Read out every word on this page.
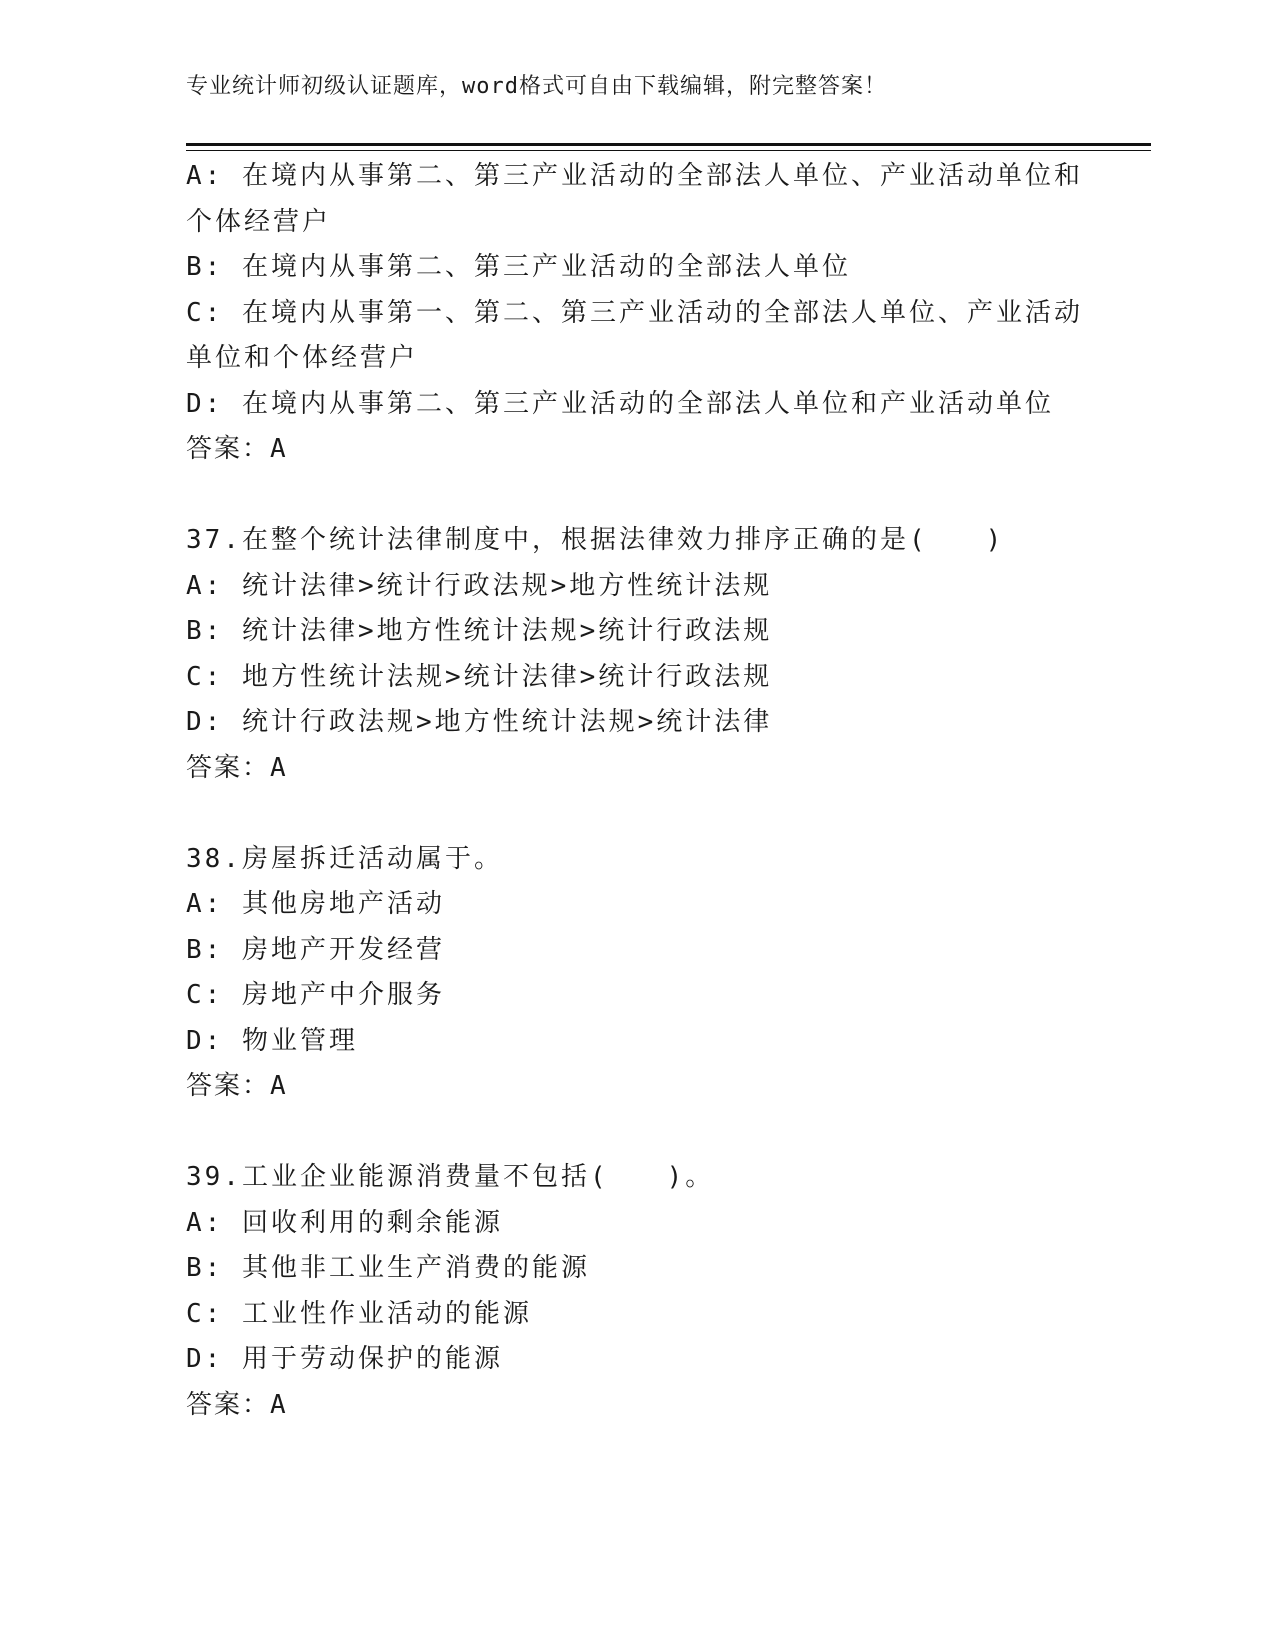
专业统计师初级认证题库，word格式可自由下载编辑，附完整答案！
A: 在境内从事第二、第三产业活动的全部法人单位、产业活动单位和
个体经营户
B: 在境内从事第二、第三产业活动的全部法人单位
C: 在境内从事第一、第二、第三产业活动的全部法人单位、产业活动
单位和个体经营户
D: 在境内从事第二、第三产业活动的全部法人单位和产业活动单位
答案：A
37.在整个统计法律制度中，根据法律效力排序正确的是(　　)
A: 统计法律>统计行政法规>地方性统计法规
B: 统计法律>地方性统计法规>统计行政法规
C: 地方性统计法规>统计法律>统计行政法规
D: 统计行政法规>地方性统计法规>统计法律
答案：A
38.房屋拆迁活动属于。
A: 其他房地产活动
B: 房地产开发经营
C: 房地产中介服务
D: 物业管理
答案：A
39.工业企业能源消费量不包括(　　)。
A: 回收利用的剩余能源
B: 其他非工业生产消费的能源
C: 工业性作业活动的能源
D: 用于劳动保护的能源
答案：A
